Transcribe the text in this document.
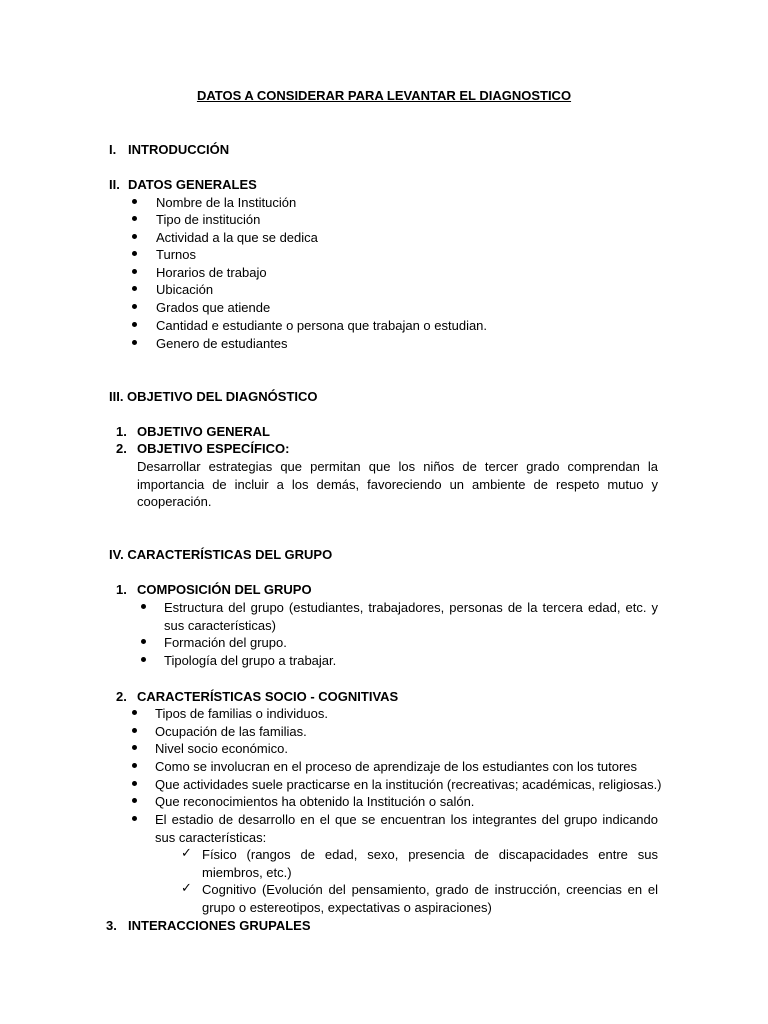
DATOS A CONSIDERAR PARA LEVANTAR EL DIAGNOSTICO
I. INTRODUCCIÓN
II. DATOS GENERALES
Nombre de la Institución
Tipo de institución
Actividad a la que se dedica
Turnos
Horarios de trabajo
Ubicación
Grados que atiende
Cantidad e estudiante o persona que trabajan o estudian.
Genero de estudiantes
III. OBJETIVO DEL DIAGNÓSTICO
1. OBJETIVO GENERAL
2. OBJETIVO ESPECÍFICO:
Desarrollar estrategias que permitan que los niños de tercer grado comprendan la importancia de incluir a los demás, favoreciendo un ambiente de respeto mutuo y cooperación.
IV. CARACTERÍSTICAS DEL GRUPO
1. COMPOSICIÓN DEL GRUPO
Estructura del grupo (estudiantes, trabajadores, personas de la tercera edad, etc. y sus características)
Formación del grupo.
Tipología del grupo a trabajar.
2. CARACTERÍSTICAS SOCIO - COGNITIVAS
Tipos de familias o individuos.
Ocupación de las familias.
Nivel socio económico.
Como se involucran en el proceso de aprendizaje de los estudiantes con los tutores
Que actividades suele practicarse en la institución (recreativas; académicas, religiosas.)
Que reconocimientos ha obtenido la Institución o salón.
El estadio de desarrollo en el que se encuentran los integrantes del grupo indicando sus características:
✓ Físico (rangos de edad, sexo, presencia de discapacidades entre sus miembros, etc.)
✓ Cognitivo (Evolución del pensamiento, grado de instrucción, creencias en el grupo o estereotipos, expectativas o aspiraciones)
3. INTERACCIONES GRUPALES
